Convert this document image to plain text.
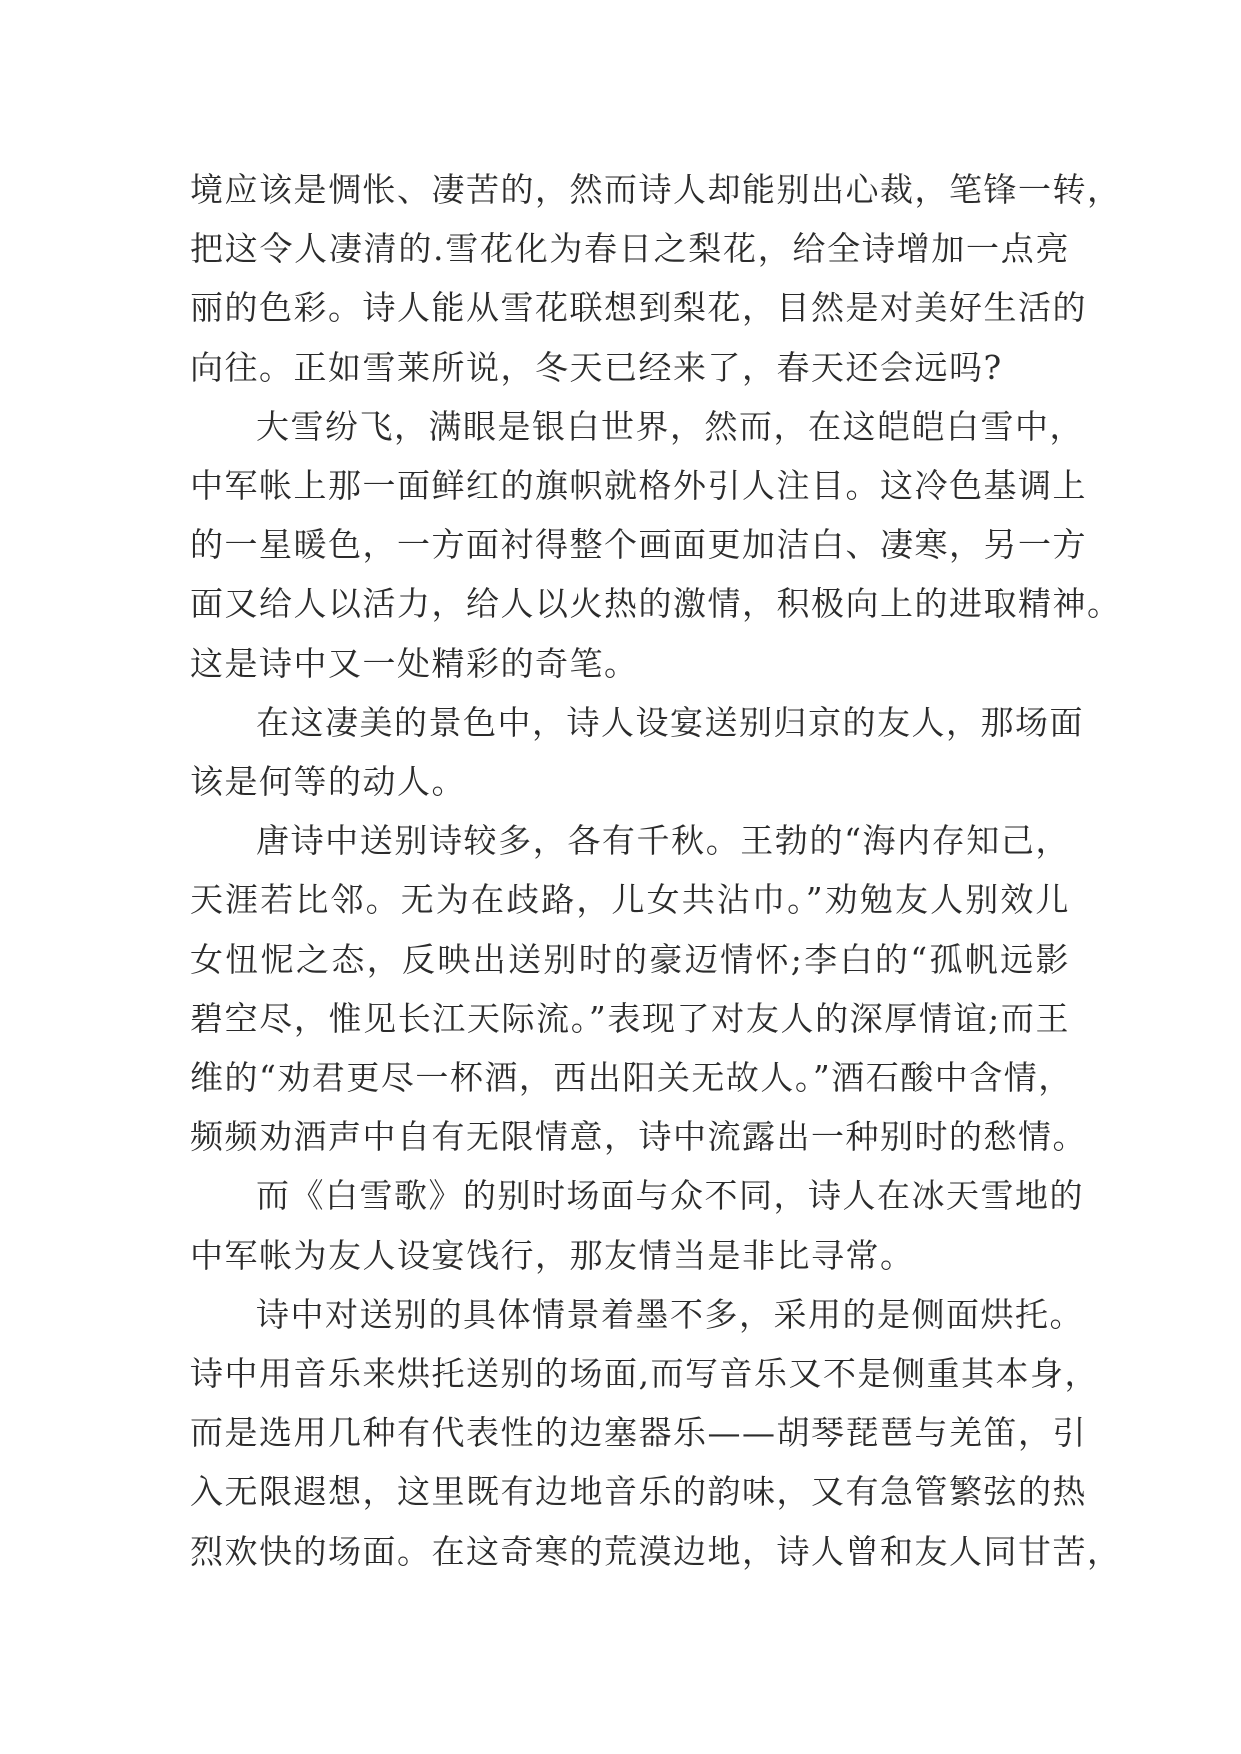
境应该是惆怅、凄苦的，然而诗人却能别出心裁，笔锋一转，
把这令人凄清的.雪花化为春日之梨花，给全诗增加一点亮
丽的色彩。诗人能从雪花联想到梨花，目然是对美好生活的
向往。正如雪莱所说，冬天已经来了，春天还会远吗?

大雪纷飞，满眼是银白世界，然而，在这皑皑白雪中，
中军帐上那一面鲜红的旗帜就格外引人注目。这冷色基调上
的一星暖色，一方面衬得整个画面更加洁白、凄寒，另一方
面又给人以活力，给人以火热的激情，积极向上的进取精神。
这是诗中又一处精彩的奇笔。

在这凄美的景色中，诗人设宴送别归京的友人，那场面
该是何等的动人。

唐诗中送别诗较多，各有千秋。王勃的“海内存知己，
天涯若比邻。无为在歧路，儿女共沾巾。”劝勉友人别效儿
女忸怩之态，反映出送别时的豪迈情怀;李白的“孤帆远影
碧空尽，惟见长江天际流。”表现了对友人的深厚情谊;而王
维的“劝君更尽一杯酒，西出阳关无故人。”酒石酸中含情，
频频劝酒声中自有无限情意，诗中流露出一种别时的愁情。

而《白雪歌》的别时场面与众不同，诗人在冰天雪地的
中军帐为友人设宴饯行，那友情当是非比寻常。

诗中对送别的具体情景着墨不多，采用的是侧面烘托。
诗中用音乐来烘托送别的场面,而写音乐又不是侧重其本身，
而是选用几种有代表性的边塞器乐——胡琴琵琶与羌笛，引
入无限遐想，这里既有边地音乐的韵味，又有急管繁弦的热
烈欢快的场面。在这奇寒的荒漠边地，诗人曾和友人同甘苦，
